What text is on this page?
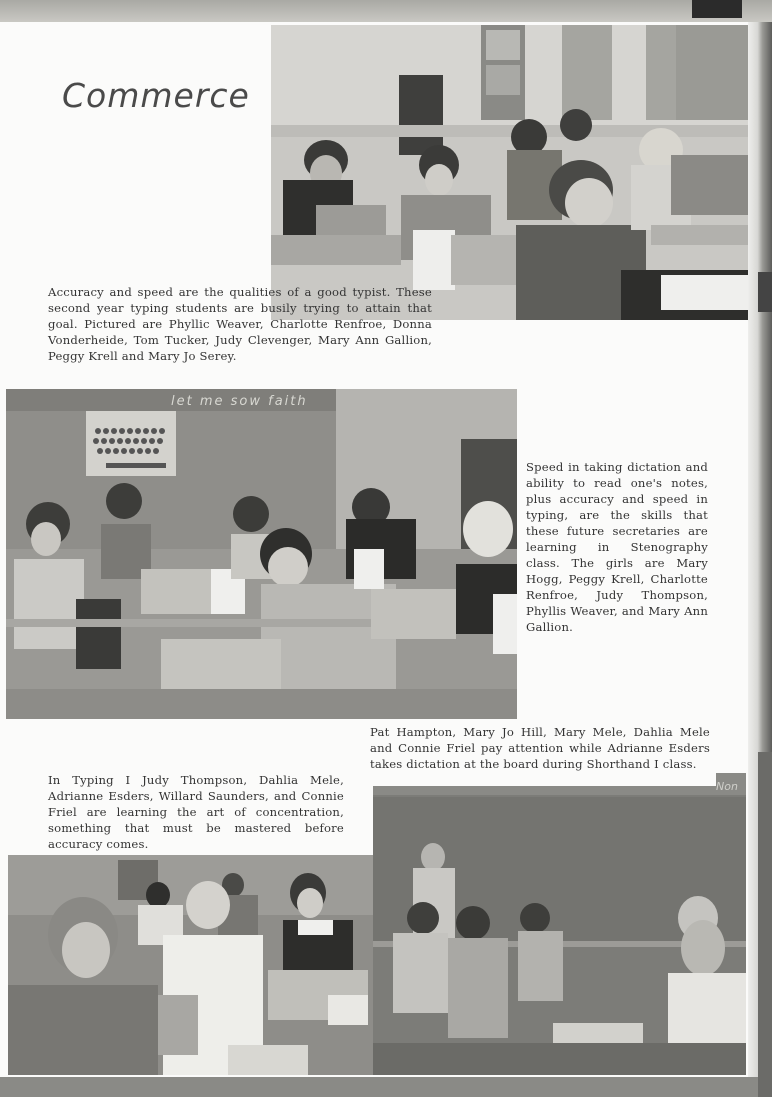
Commerce
Accuracy and speed are the qualities of a good typist. These second year typing students are busily trying to attain that goal. Pictured are Phyllic Weaver, Charlotte Renfroe, Donna Vonderheide, Tom Tucker, Judy Clevenger, Mary Ann Gallion, Peggy Krell and Mary Jo Serey.
let me sow faith
Speed in taking dictation and ability to read one's notes, plus accuracy and speed in typing, are the skills that these future secretaries are learning in Stenography class. The girls are Mary Hogg, Peggy Krell, Charlotte Renfroe, Judy Thompson, Phyllis Weaver, and Mary Ann Gallion.
Non
Pat Hampton, Mary Jo Hill, Mary Mele, Dahlia Mele and Connie Friel pay attention while Adrianne Esders takes dictation at the board during Shorthand I class.
In Typing I Judy Thompson, Dahlia Mele, Adrianne Esders, Willard Saunders, and Connie Friel are learning the art of concentration, something that must be mastered before accuracy comes.
